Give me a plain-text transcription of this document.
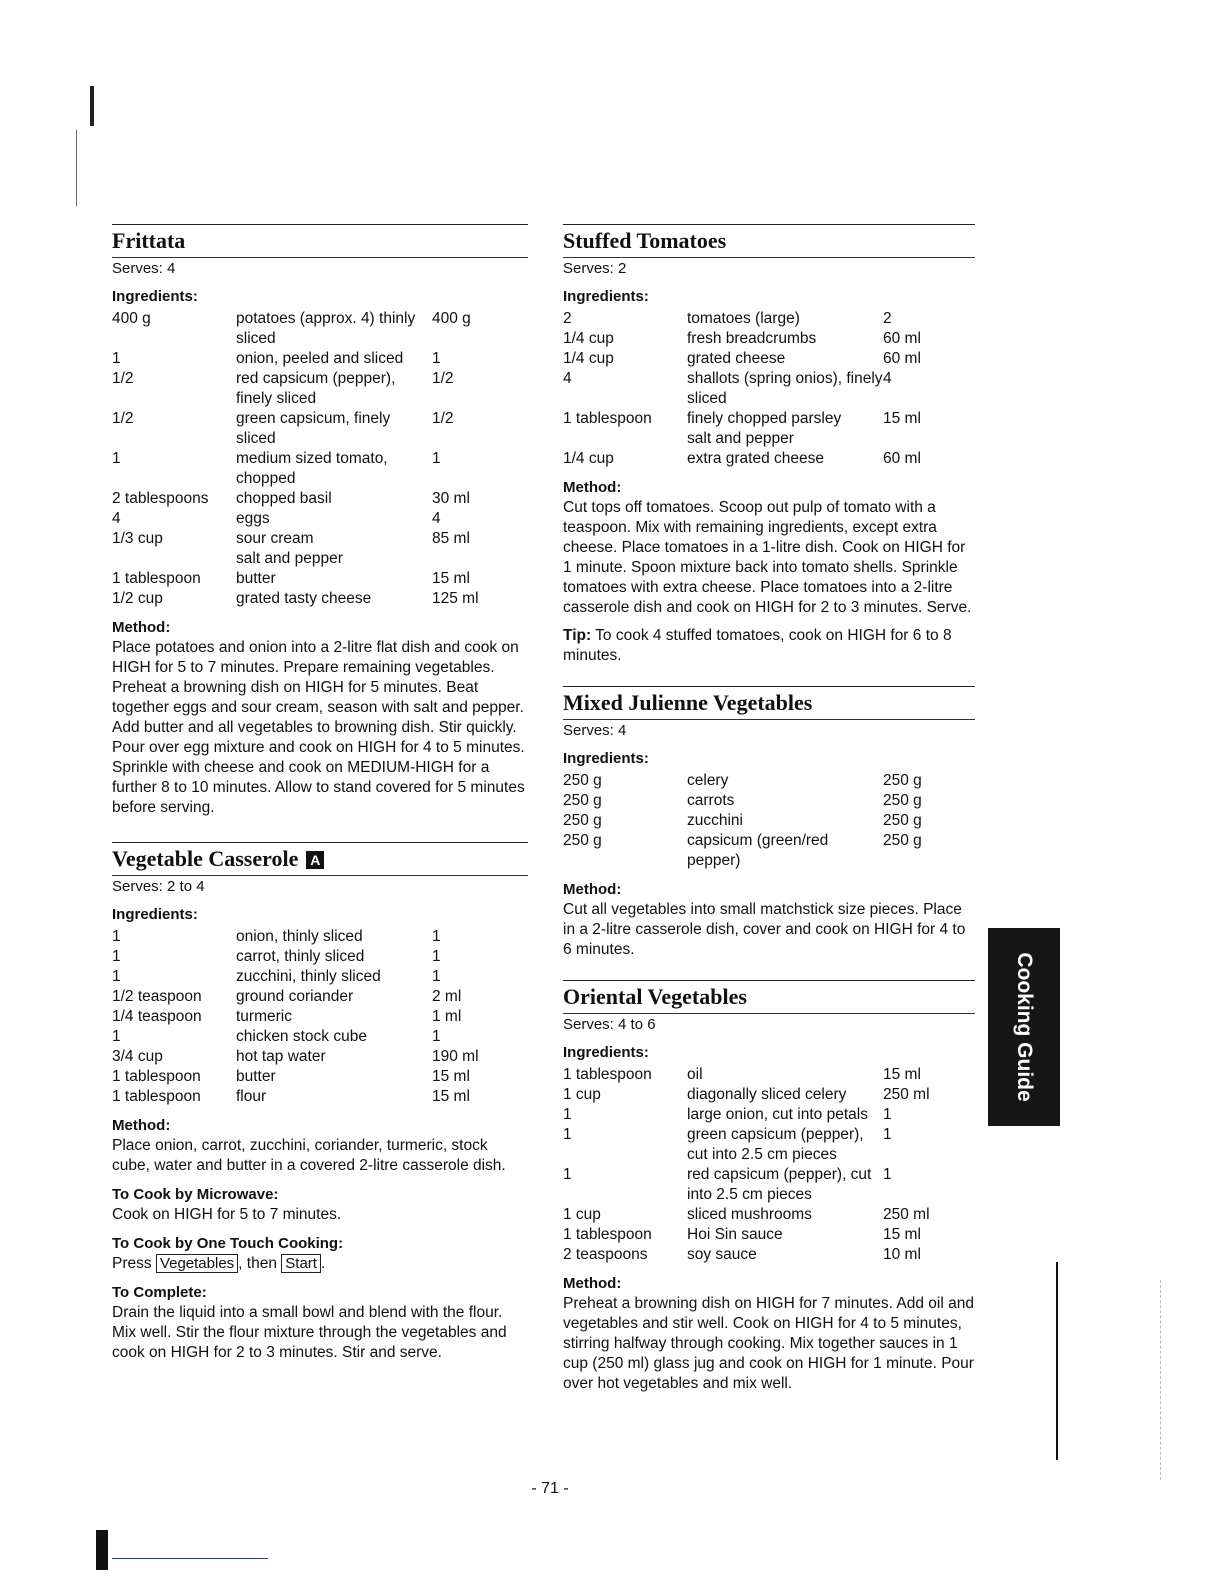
Frittata
Serves: 4
Ingredients:
400 g	potatoes (approx. 4) thinly sliced	400 g
1	onion, peeled and sliced	1
1/2	red capsicum (pepper), finely sliced	1/2
1/2	green capsicum, finely sliced	1/2
1	medium sized tomato, chopped	1
2 tablespoons	chopped basil	30 ml
4	eggs	4
1/3 cup	sour cream	85 ml
	salt and pepper	
1 tablespoon	butter	15 ml
1/2 cup	grated tasty cheese	125 ml
Method:

Place potatoes and onion into a 2-litre flat dish and cook on HIGH for 5 to 7 minutes. Prepare remaining vegetables. Preheat a browning dish on HIGH for 5 minutes. Beat together eggs and sour cream, season with salt and pepper. Add butter and all vegetables to browning dish. Stir quickly. Pour over egg mixture and cook on HIGH for 4 to 5 minutes. Sprinkle with cheese and cook on MEDIUM-HIGH for a further 8 to 10 minutes. Allow to stand covered for 5 minutes before serving.

Vegetable Casserole A
Serves: 2 to 4
Ingredients:
1	onion, thinly sliced	1
1	carrot, thinly sliced	1
1	zucchini, thinly sliced	1
1/2 teaspoon	ground coriander	2 ml
1/4 teaspoon	turmeric	1 ml
1	chicken stock cube	1
3/4 cup	hot tap water	190 ml
1 tablespoon	butter	15 ml
1 tablespoon	flour	15 ml
Method:

Place onion, carrot, zucchini, coriander, turmeric, stock cube, water and butter in a covered 2-litre casserole dish.

To Cook by Microwave:

Cook on HIGH for 5 to 7 minutes.

To Cook by One Touch Cooking:

Press Vegetables , then Start .

To Complete:

Drain the liquid into a small bowl and blend with the flour. Mix well. Stir the flour mixture through the vegetables and cook on HIGH for 2 to 3 minutes. Stir and serve.

Stuffed Tomatoes
Serves: 2
Ingredients:
2	tomatoes (large)	2
1/4 cup	fresh breadcrumbs	60 ml
1/4 cup	grated cheese	60 ml
4	shallots (spring onios), finely sliced	4
1 tablespoon	finely chopped parsley	15 ml
	salt and pepper	
1/4 cup	extra grated cheese	60 ml
Method:

Cut tops off tomatoes. Scoop out pulp of tomato with a teaspoon. Mix with remaining ingredients, except extra cheese. Place tomatoes in a 1-litre dish. Cook on HIGH for 1 minute. Spoon mixture back into tomato shells. Sprinkle tomatoes with extra cheese. Place tomatoes into a 2-litre casserole dish and cook on HIGH for 2 to 3 minutes. Serve.

Tip: To cook 4 stuffed tomatoes, cook on HIGH for 6 to 8 minutes.

Mixed Julienne Vegetables
Serves: 4
Ingredients:
250 g	celery	250 g
250 g	carrots	250 g
250 g	zucchini	250 g
250 g	capsicum (green/red pepper)	250 g
Method:

Cut all vegetables into small matchstick size pieces. Place in a 2-litre casserole dish, cover and cook on HIGH for 4 to 6 minutes.

Oriental Vegetables
Serves: 4 to 6
Ingredients:
1 tablespoon	oil	15 ml
1 cup	diagonally sliced celery	250 ml
1	large onion, cut into petals	1
1	green capsicum (pepper), cut into 2.5 cm pieces	1
1	red capsicum (pepper), cut into 2.5 cm pieces	1
1 cup	sliced mushrooms	250 ml
1 tablespoon	Hoi Sin sauce	15 ml
2 teaspoons	soy sauce	10 ml
Method:

Preheat a browning dish on HIGH for 7 minutes. Add oil and vegetables and stir well. Cook on HIGH for 4 to 5 minutes, stirring halfway through cooking. Mix together sauces in 1 cup (250 ml) glass jug and cook on HIGH for 1 minute. Pour over hot vegetables and mix well.

Cooking Guide
- 71 -
